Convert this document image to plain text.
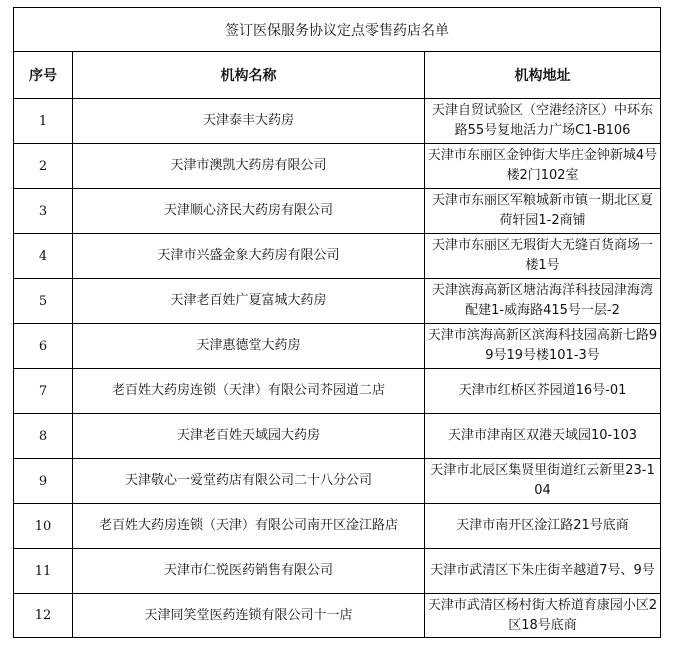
签订医保服务协议定点零售药店名单		
序号	机构名称	机构地址
1	天津泰丰大药房	天津自贸试验区（空港经济区）中环东路55号复地活力广场C1-B106

2	天津市澳凯大药房有限公司	天津市东丽区金钟街大毕庄金钟新城4号楼2门102室

3	天津顺心济民大药房有限公司	天津市东丽区军粮城新市镇一期北区夏荷轩园1-2商铺

4	天津市兴盛金象大药房有限公司	天津市东丽区无瑕街大无缝百货商场一楼1号

5	天津老百姓广夏富城大药房	天津滨海高新区塘沽海洋科技园津海湾配建1-威海路415号一层-2

6	天津惠德堂大药房	天津市滨海高新区滨海科技园高新七路99号19号楼101-3号

7	老百姓大药房连锁（天津）有限公司芥园道二店	天津市红桥区芥园道16号-01

8	天津老百姓天域园大药房	天津市津南区双港天域园10-103

9	天津敬心一爱堂药店有限公司二十八分公司	天津市北辰区集贤里街道红云新里23-104

10	老百姓大药房连锁（天津）有限公司南开区淦江路店	天津市南开区淦江路21号底商

11	天津市仁悦医药销售有限公司	天津市武清区下朱庄街辛越道7号、9号

12	天津同笑堂医药连锁有限公司十一店	天津市武清区杨村街大桥道育康园小区2区18号底商
